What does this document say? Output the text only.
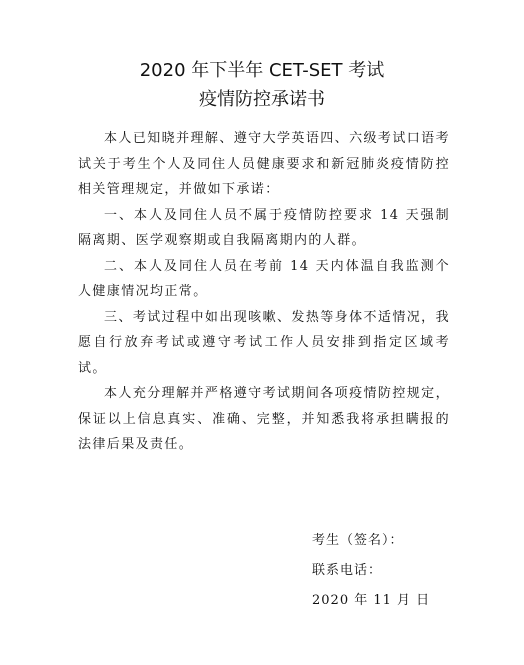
2020 年下半年 CET-SET 考试
疫情防控承诺书

本人已知晓并理解、遵守大学英语四、六级考试口语考试关于考生个人及同住人员健康要求和新冠肺炎疫情防控相关管理规定，并做如下承诺：

一、本人及同住人员不属于疫情防控要求 14 天强制隔离期、医学观察期或自我隔离期内的人群。

二、本人及同住人员在考前 14 天内体温自我监测个人健康情况均正常。

三、考试过程中如出现咳嗽、发热等身体不适情况，我愿自行放弃考试或遵守考试工作人员安排到指定区域考试。

本人充分理解并严格遵守考试期间各项疫情防控规定，保证以上信息真实、准确、完整，并知悉我将承担瞒报的法律后果及责任。

考生（签名）：
联系电话：
2020 年 11 月 日
